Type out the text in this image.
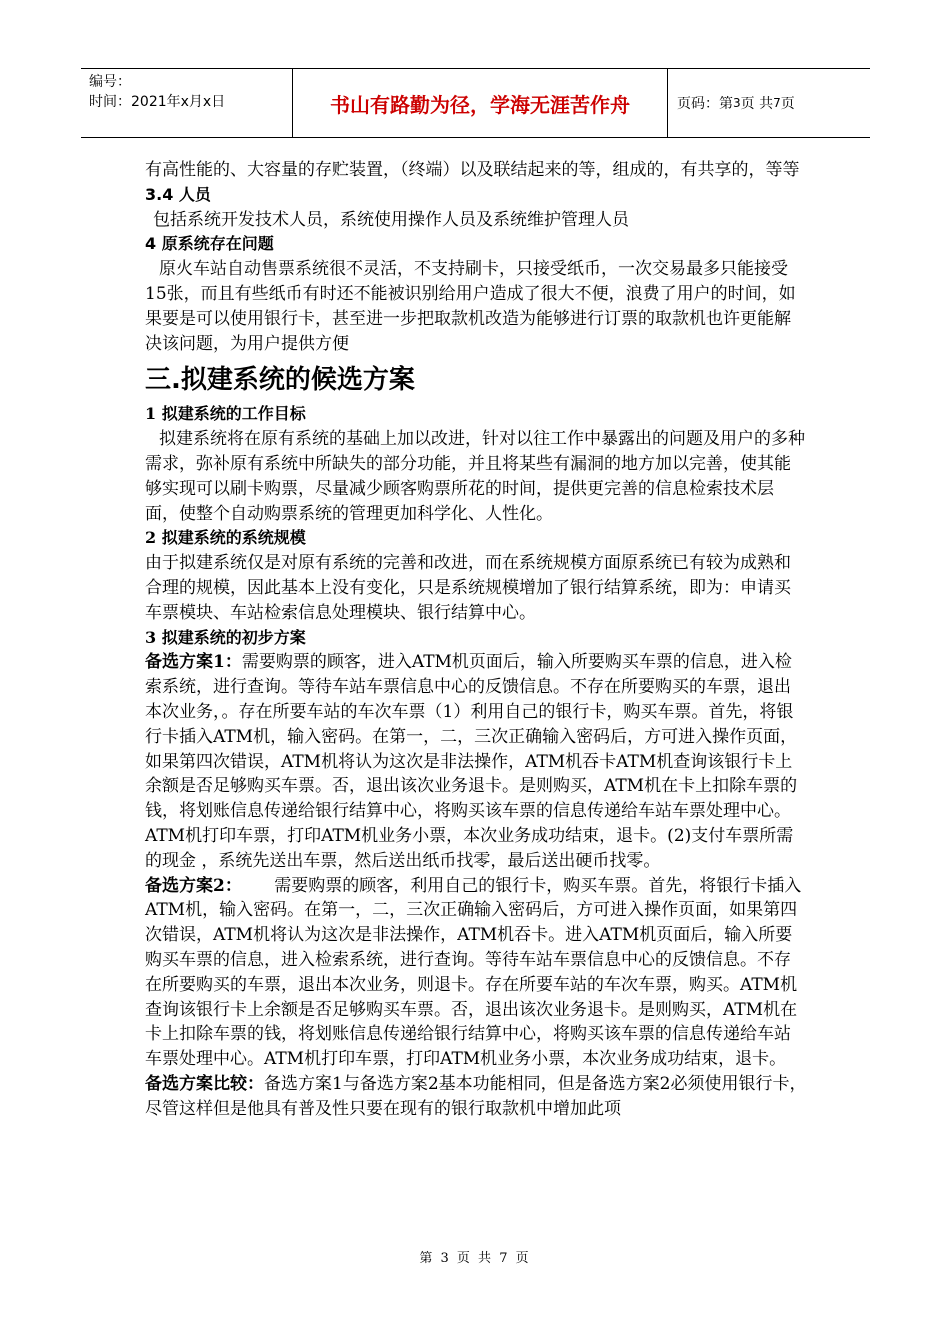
编号：
时间：2021年x月x日	书山有路勤为径，学海无涯苦作舟	页码：第 3 页 共 7 页

有高性能的、大容量的存贮装置，（终端）以及联结起来的等，组成的，有共享的，等等

3.4 人员

包括系统开发技术人员，系统使用操作人员及系统维护管理人员

4 原系统存在问题

原火车站自动售票系统很不灵活，不支持刷卡，只接受纸币，一次交易最多只能接受15张，而且有些纸币有时还不能被识别给用户造成了很大不便，浪费了用户的时间，如果要是可以使用银行卡，甚至进一步把取款机改造为能够进行订票的取款机也许更能解决该问题，为用户提供方便

三.拟建系统的候选方案

1 拟建系统的工作目标

拟建系统将在原有系统的基础上加以改进，针对以往工作中暴露出的问题及用户的多种需求，弥补原有系统中所缺失的部分功能，并且将某些有漏洞的地方加以完善，使其能够实现可以刷卡购票，尽量减少顾客购票所花的时间，提供更完善的信息检索技术层面，使整个自动购票系统的管理更加科学化、人性化。

2 拟建系统的系统规模

由于拟建系统仅是对原有系统的完善和改进，而在系统规模方面原系统已有较为成熟和合理的规模，因此基本上没有变化，只是系统规模增加了银行结算系统，即为：申请买车票模块、车站检索信息处理模块、银行结算中心。

3 拟建系统的初步方案

备选方案1：需要购票的顾客，进入ATM机页面后，输入所要购买车票的信息，进入检索系统，进行查询。等待车站车票信息中心的反馈信息。不存在所要购买的车票，退出本次业务，。存在所要车站的车次车票（1）利用自己的银行卡，购买车票。首先，将银行卡插入ATM机，输入密码。在第一，二，三次正确输入密码后，方可进入操作页面，如果第四次错误，ATM机将认为这次是非法操作，ATM机吞卡ATM机查询该银行卡上余额是否足够购买车票。否，退出该次业务退卡。是则购买，ATM机在卡上扣除车票的钱，将划账信息传递给银行结算中心，将购买该车票的信息传递给车站车票处理中心。ATM机打印车票，打印ATM机业务小票，本次业务成功结束，退卡。(2)支付车票所需的现金 ，系统先送出车票，然后送出纸币找零，最后送出硬币找零。

备选方案2：      需要购票的顾客，利用自己的银行卡，购买车票。首先，将银行卡插入ATM机，输入密码。在第一，二，三次正确输入密码后，方可进入操作页面，如果第四次错误，ATM机将认为这次是非法操作，ATM机吞卡。进入ATM机页面后，输入所要购买车票的信息，进入检索系统，进行查询。等待车站车票信息中心的反馈信息。不存在所要购买的车票，退出本次业务，则退卡。存在所要车站的车次车票，购买。ATM机查询该银行卡上余额是否足够购买车票。否，退出该次业务退卡。是则购买，ATM机在卡上扣除车票的钱，将划账信息传递给银行结算中心，将购买该车票的信息传递给车站车票处理中心。ATM机打印车票，打印ATM机业务小票，本次业务成功结束，退卡。

备选方案比较：备选方案1与备选方案2基本功能相同，但是备选方案2必须使用银行卡，尽管这样但是他具有普及性只要在现有的银行取款机中增加此项

第 3 页 共 7 页
